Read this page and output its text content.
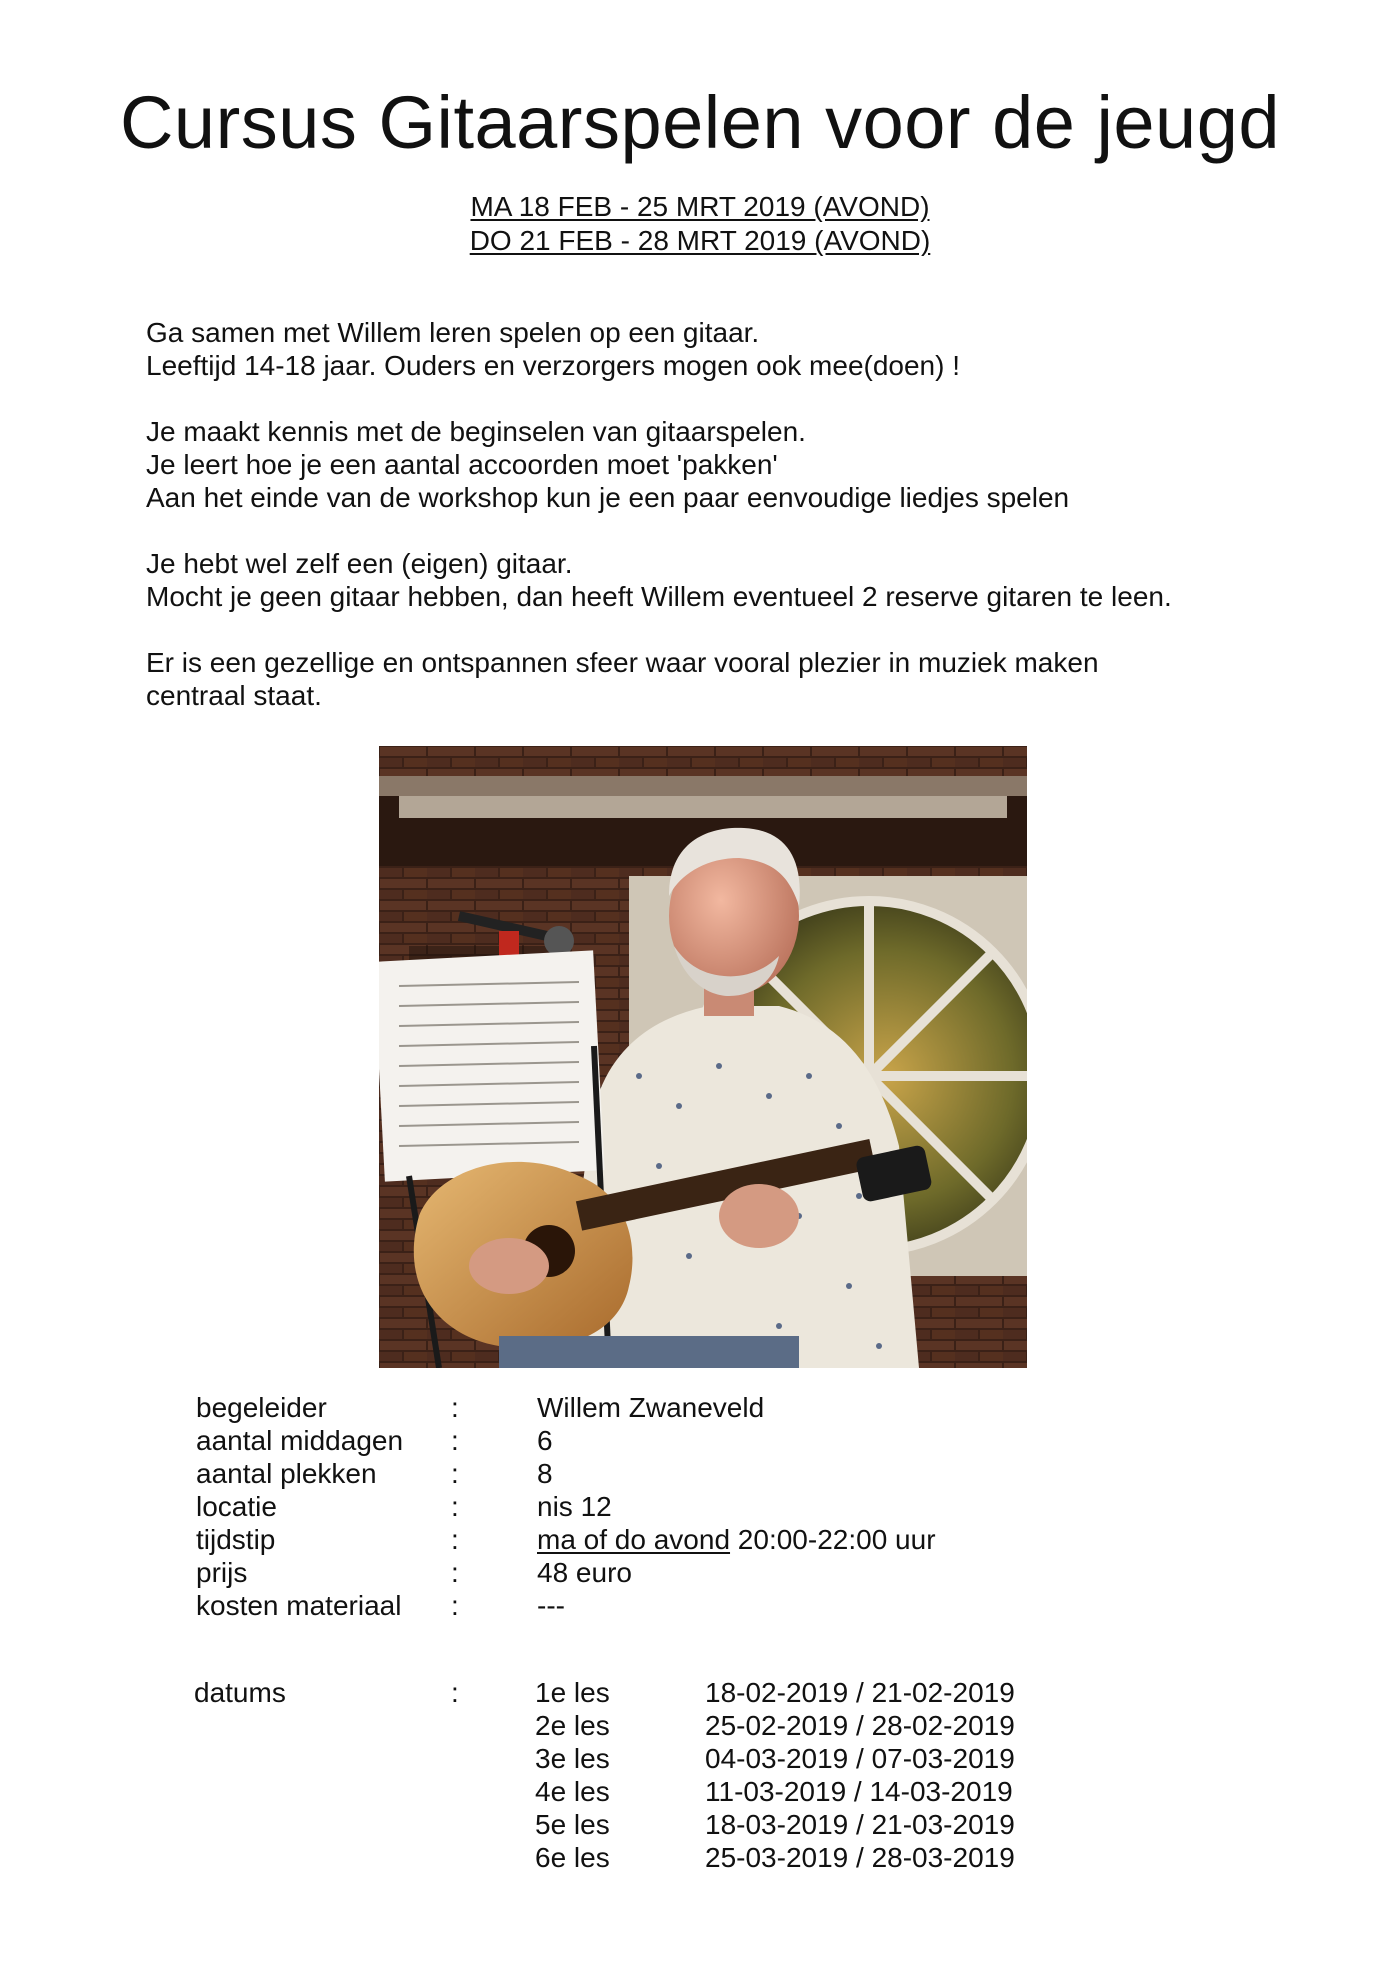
Cursus Gitaarspelen voor de jeugd
MA 18 FEB - 25 MRT 2019 (AVOND)
DO 21 FEB - 28 MRT 2019 (AVOND)
Ga samen met Willem leren spelen op een gitaar.
Leeftijd 14-18 jaar. Ouders en verzorgers mogen ook mee(doen) !
Je maakt kennis met de beginselen van gitaarspelen.
Je leert hoe je een aantal accoorden moet 'pakken'
Aan het einde van de workshop kun je een paar eenvoudige liedjes spelen
Je hebt wel zelf een (eigen) gitaar.
Mocht je geen gitaar hebben, dan heeft Willem eventueel 2 reserve gitaren te leen.
Er is een gezellige en ontspannen sfeer waar vooral plezier in muziek maken
centraal staat.
begeleider	:	Willem Zwaneveld
aantal middagen :	6
aantal plekken	:	8
locatie	:	nis 12
tijdstip	:	ma of do avond 20:00-22:00 uur
prijs	:	48 euro
kosten materiaal :	---
datums	:	1e les	18-02-2019 / 21-02-2019
2e les	25-02-2019 / 28-02-2019
3e les	04-03-2019 / 07-03-2019
4e les	11-03-2019 / 14-03-2019
5e les	18-03-2019 / 21-03-2019
6e les	25-03-2019 / 28-03-2019
